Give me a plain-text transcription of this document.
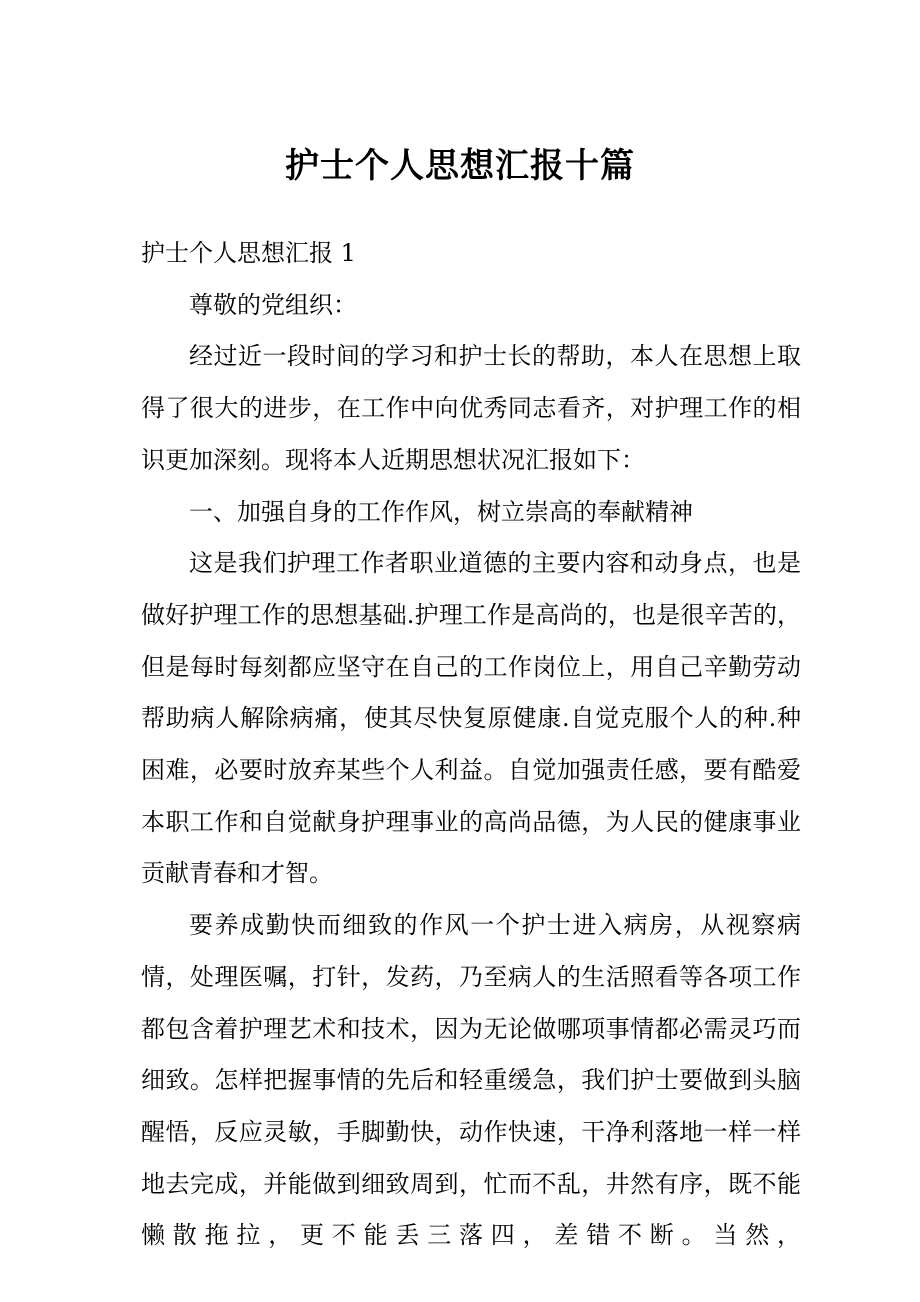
护士个人思想汇报十篇

护士个人思想汇报 1

尊敬的党组织：

经过近一段时间的学习和护士长的帮助，本人在思想上取得了很大的进步，在工作中向优秀同志看齐，对护理工作的相识更加深刻。现将本人近期思想状况汇报如下：

一、加强自身的工作作风，树立崇高的奉献精神

这是我们护理工作者职业道德的主要内容和动身点，也是做好护理工作的思想基础.护理工作是高尚的，也是很辛苦的，但是每时每刻都应坚守在自己的工作岗位上，用自己辛勤劳动帮助病人解除病痛，使其尽快复原健康.自觉克服个人的种.种困难，必要时放弃某些个人利益。自觉加强责任感，要有酷爱本职工作和自觉献身护理事业的高尚品德，为人民的健康事业贡献青春和才智。

要养成勤快而细致的作风一个护士进入病房，从视察病情，处理医嘱，打针，发药，乃至病人的生活照看等各项工作都包含着护理艺术和技术，因为无论做哪项事情都必需灵巧而细致。怎样把握事情的先后和轻重缓急，我们护士要做到头脑醒悟，反应灵敏，手脚勤快，动作快速，干净利落地一样一样地去完成，并能做到细致周到，忙而不乱，井然有序，既不能懒散拖拉，更不能丢三落四，差错不断。当然，
